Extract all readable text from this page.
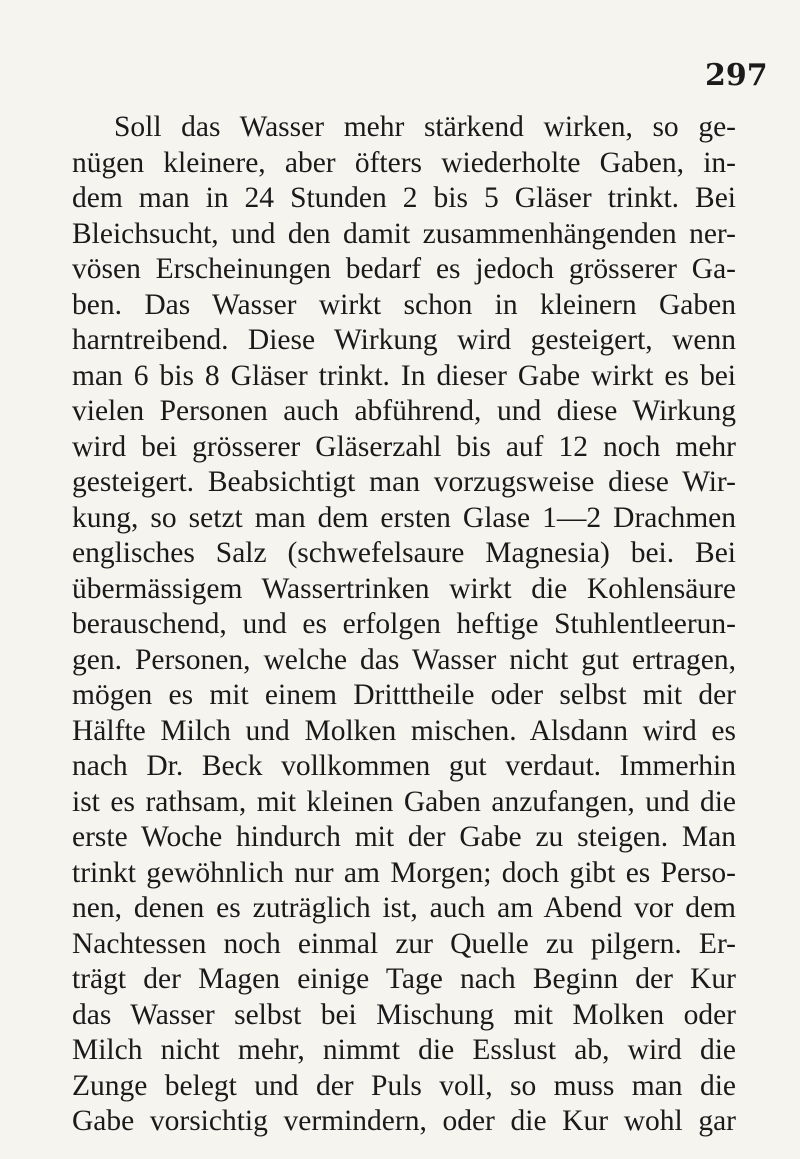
297
Soll das Wasser mehr stärkend wirken, so ge-
nügen kleinere, aber öfters wiederholte Gaben, in-
dem man in 24 Stunden 2 bis 5 Gläser trinkt. Bei
Bleichsucht, und den damit zusammenhängenden ner-
vösen Erscheinungen bedarf es jedoch grösserer Ga-
ben. Das Wasser wirkt schon in kleinern Gaben
harntreibend. Diese Wirkung wird gesteigert, wenn
man 6 bis 8 Gläser trinkt. In dieser Gabe wirkt es bei
vielen Personen auch abführend, und diese Wirkung
wird bei grösserer Gläserzahl bis auf 12 noch mehr
gesteigert. Beabsichtigt man vorzugsweise diese Wir-
kung, so setzt man dem ersten Glase 1—2 Drachmen
englisches Salz (schwefelsaure Magnesia) bei. Bei
übermässigem Wassertrinken wirkt die Kohlensäure
berauschend, und es erfolgen heftige Stuhlentleerun-
gen. Personen, welche das Wasser nicht gut ertragen,
mögen es mit einem Dritttheile oder selbst mit der
Hälfte Milch und Molken mischen. Alsdann wird es
nach Dr. Beck vollkommen gut verdaut. Immerhin
ist es rathsam, mit kleinen Gaben anzufangen, und die
erste Woche hindurch mit der Gabe zu steigen. Man
trinkt gewöhnlich nur am Morgen; doch gibt es Perso-
nen, denen es zuträglich ist, auch am Abend vor dem
Nachtessen noch einmal zur Quelle zu pilgern. Er-
trägt der Magen einige Tage nach Beginn der Kur
das Wasser selbst bei Mischung mit Molken oder
Milch nicht mehr, nimmt die Esslust ab, wird die
Zunge belegt und der Puls voll, so muss man die
Gabe vorsichtig vermindern, oder die Kur wohl gar
